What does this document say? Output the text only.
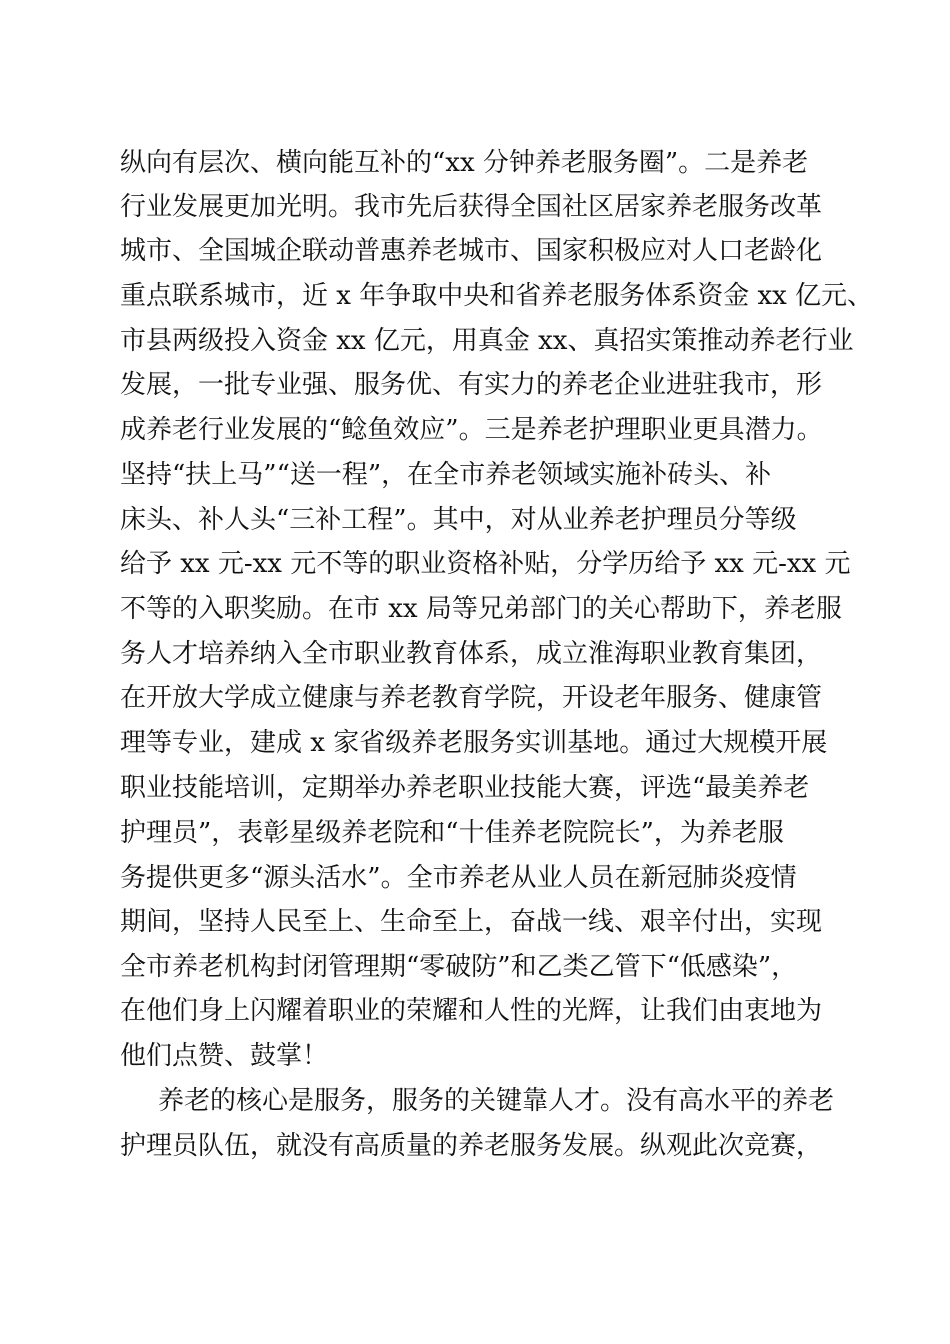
纵向有层次、横向能互补的“xx 分钟养老服务圈”。二是养老
行业发展更加光明。我市先后获得全国社区居家养老服务改革
城市、全国城企联动普惠养老城市、国家积极应对人口老龄化
重点联系城市，近 x 年争取中央和省养老服务体系资金 xx 亿元、
市县两级投入资金 xx 亿元，用真金 xx、真招实策推动养老行业
发展，一批专业强、服务优、有实力的养老企业进驻我市，形
成养老行业发展的“鲶鱼效应”。三是养老护理职业更具潜力。
坚持“扶上马”“送一程”，在全市养老领域实施补砖头、补
床头、补人头“三补工程”。其中，对从业养老护理员分等级
给予 xx 元-xx 元不等的职业资格补贴，分学历给予 xx 元-xx 元
不等的入职奖励。在市 xx 局等兄弟部门的关心帮助下，养老服
务人才培养纳入全市职业教育体系，成立淮海职业教育集团，
在开放大学成立健康与养老教育学院，开设老年服务、健康管
理等专业，建成 x 家省级养老服务实训基地。通过大规模开展
职业技能培训，定期举办养老职业技能大赛，评选“最美养老
护理员”，表彰星级养老院和“十佳养老院院长”，为养老服
务提供更多“源头活水”。全市养老从业人员在新冠肺炎疫情
期间，坚持人民至上、生命至上，奋战一线、艰辛付出，实现
全市养老机构封闭管理期“零破防”和乙类乙管下“低感染”，
在他们身上闪耀着职业的荣耀和人性的光辉，让我们由衷地为
他们点赞、鼓掌！
养老的核心是服务，服务的关键靠人才。没有高水平的养老
护理员队伍，就没有高质量的养老服务发展。纵观此次竞赛，
